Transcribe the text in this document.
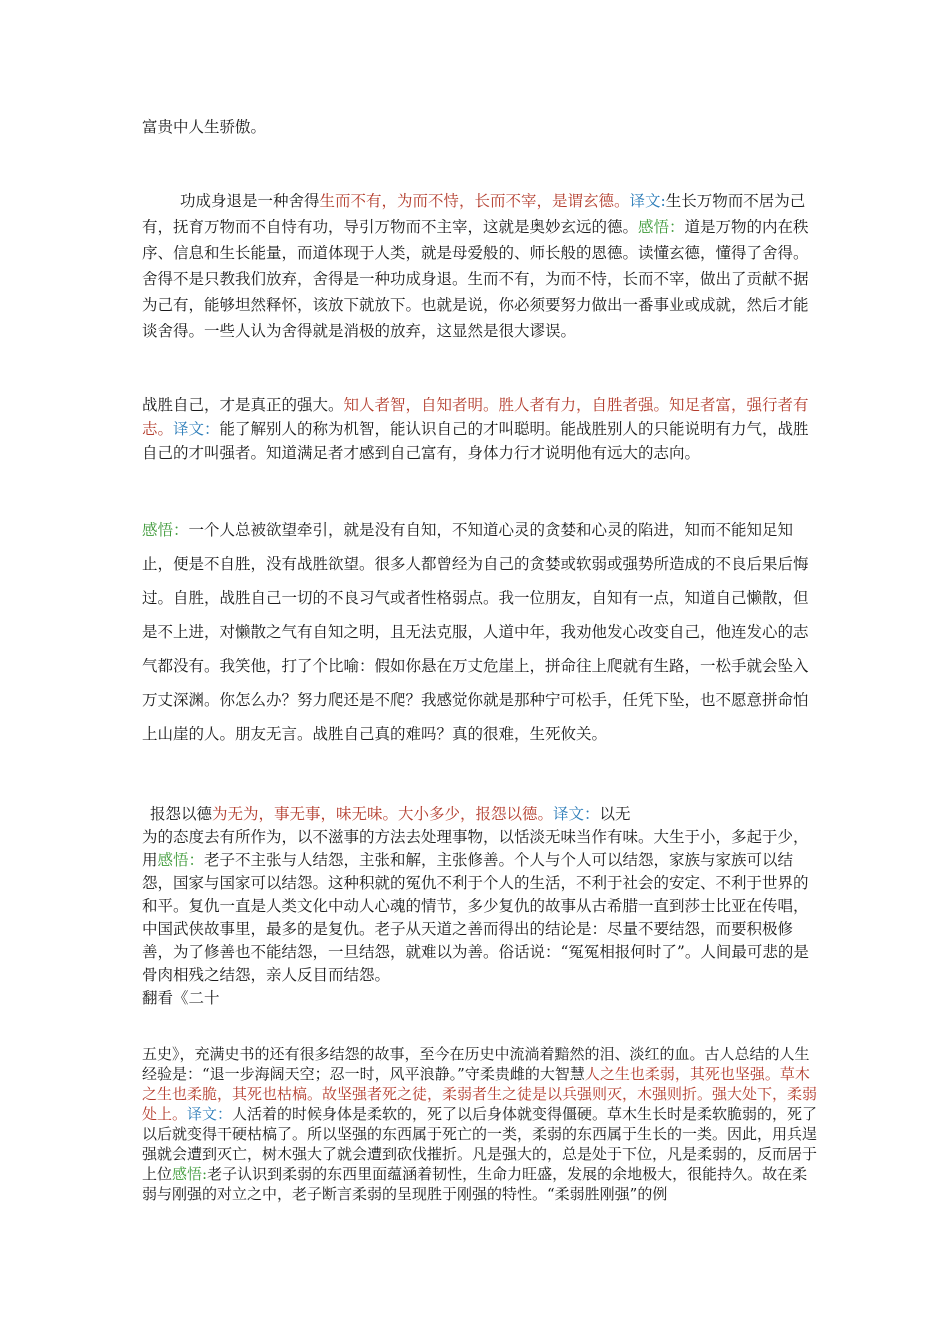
富贵中人生骄傲。

功成身退是一种舍得生而不有，为而不恃，长而不宰，是谓玄德。译文:生长万物而不居为己有，抚育万物而不自恃有功，导引万物而不主宰，这就是奥妙玄远的德。感悟：道是万物的内在秩序、信息和生长能量，而道体现于人类，就是母爱般的、师长般的恩德。读懂玄德，懂得了舍得。舍得不是只教我们放弃，舍得是一种功成身退。生而不有，为而不恃，长而不宰，做出了贡献不据为己有，能够坦然释怀，该放下就放下。也就是说，你必须要努力做出一番事业或成就，然后才能谈舍得。一些人认为舍得就是消极的放弃，这显然是很大谬误。

战胜自己，才是真正的强大。知人者智，自知者明。胜人者有力，自胜者强。知足者富，强行者有志。译文：能了解别人的称为机智，能认识自己的才叫聪明。能战胜别人的只能说明有力气，战胜自己的才叫强者。知道满足者才感到自己富有，身体力行才说明他有远大的志向。

感悟：一个人总被欲望牵引，就是没有自知，不知道心灵的贪婪和心灵的陷进，知而不能知足知止，便是不自胜，没有战胜欲望。很多人都曾经为自己的贪婪或软弱或强势所造成的不良后果后悔过。自胜，战胜自己一切的不良习气或者性格弱点。我一位朋友，自知有一点，知道自己懒散，但是不上进，对懒散之气有自知之明，且无法克服，人道中年，我劝他发心改变自己，他连发心的志气都没有。我笑他，打了个比喻：假如你悬在万丈危崖上，拼命往上爬就有生路，一松手就会坠入万丈深渊。你怎么办？努力爬还是不爬？我感觉你就是那种宁可松手，任凭下坠，也不愿意拼命怕上山崖的人。朋友无言。战胜自己真的难吗？真的很难，生死攸关。

报怨以德为无为，事无事，味无味。大小多少，报怨以德。译文：以无
为的态度去有所作为，以不滋事的方法去处理事物，以恬淡无味当作有味。大生于小，多起于少，用感悟：老子不主张与人结怨，主张和解，主张修善。个人与个人可以结怨，家族与家族可以结怨，国家与国家可以结怨。这种积就的冤仇不利于个人的生活，不利于社会的安定、不利于世界的和平。复仇一直是人类文化中动人心魂的情节，多少复仇的故事从古希腊一直到莎士比亚在传唱，中国武侠故事里，最多的是复仇。老子从天道之善而得出的结论是：尽量不要结怨，而要积极修善，为了修善也不能结怨，一旦结怨，就难以为善。俗话说：“冤冤相报何时了”。人间最可悲的是骨肉相残之结怨，亲人反目而结怨。
翻看《二十

五史》，充满史书的还有很多结怨的故事，至今在历史中流淌着黯然的泪、淡红的血。古人总结的人生经验是：“退一步海阔天空；忍一时，风平浪静。”守柔贵雌的大智慧人之生也柔弱，其死也坚强。草木之生也柔脆，其死也枯槁。故坚强者死之徒，柔弱者生之徒是以兵强则灭，木强则折。强大处下，柔弱处上。译文：人活着的时候身体是柔软的，死了以后身体就变得僵硬。草木生长时是柔软脆弱的，死了以后就变得干硬枯槁了。所以坚强的东西属于死亡的一类，柔弱的东西属于生长的一类。因此，用兵逞强就会遭到灭亡，树木强大了就会遭到砍伐摧折。凡是强大的，总是处于下位，凡是柔弱的，反而居于上位感悟:老子认识到柔弱的东西里面蕴涵着韧性，生命力旺盛，发展的余地极大，很能持久。故在柔弱与刚强的对立之中，老子断言柔弱的呈现胜于刚强的特性。“柔弱胜刚强”的例
